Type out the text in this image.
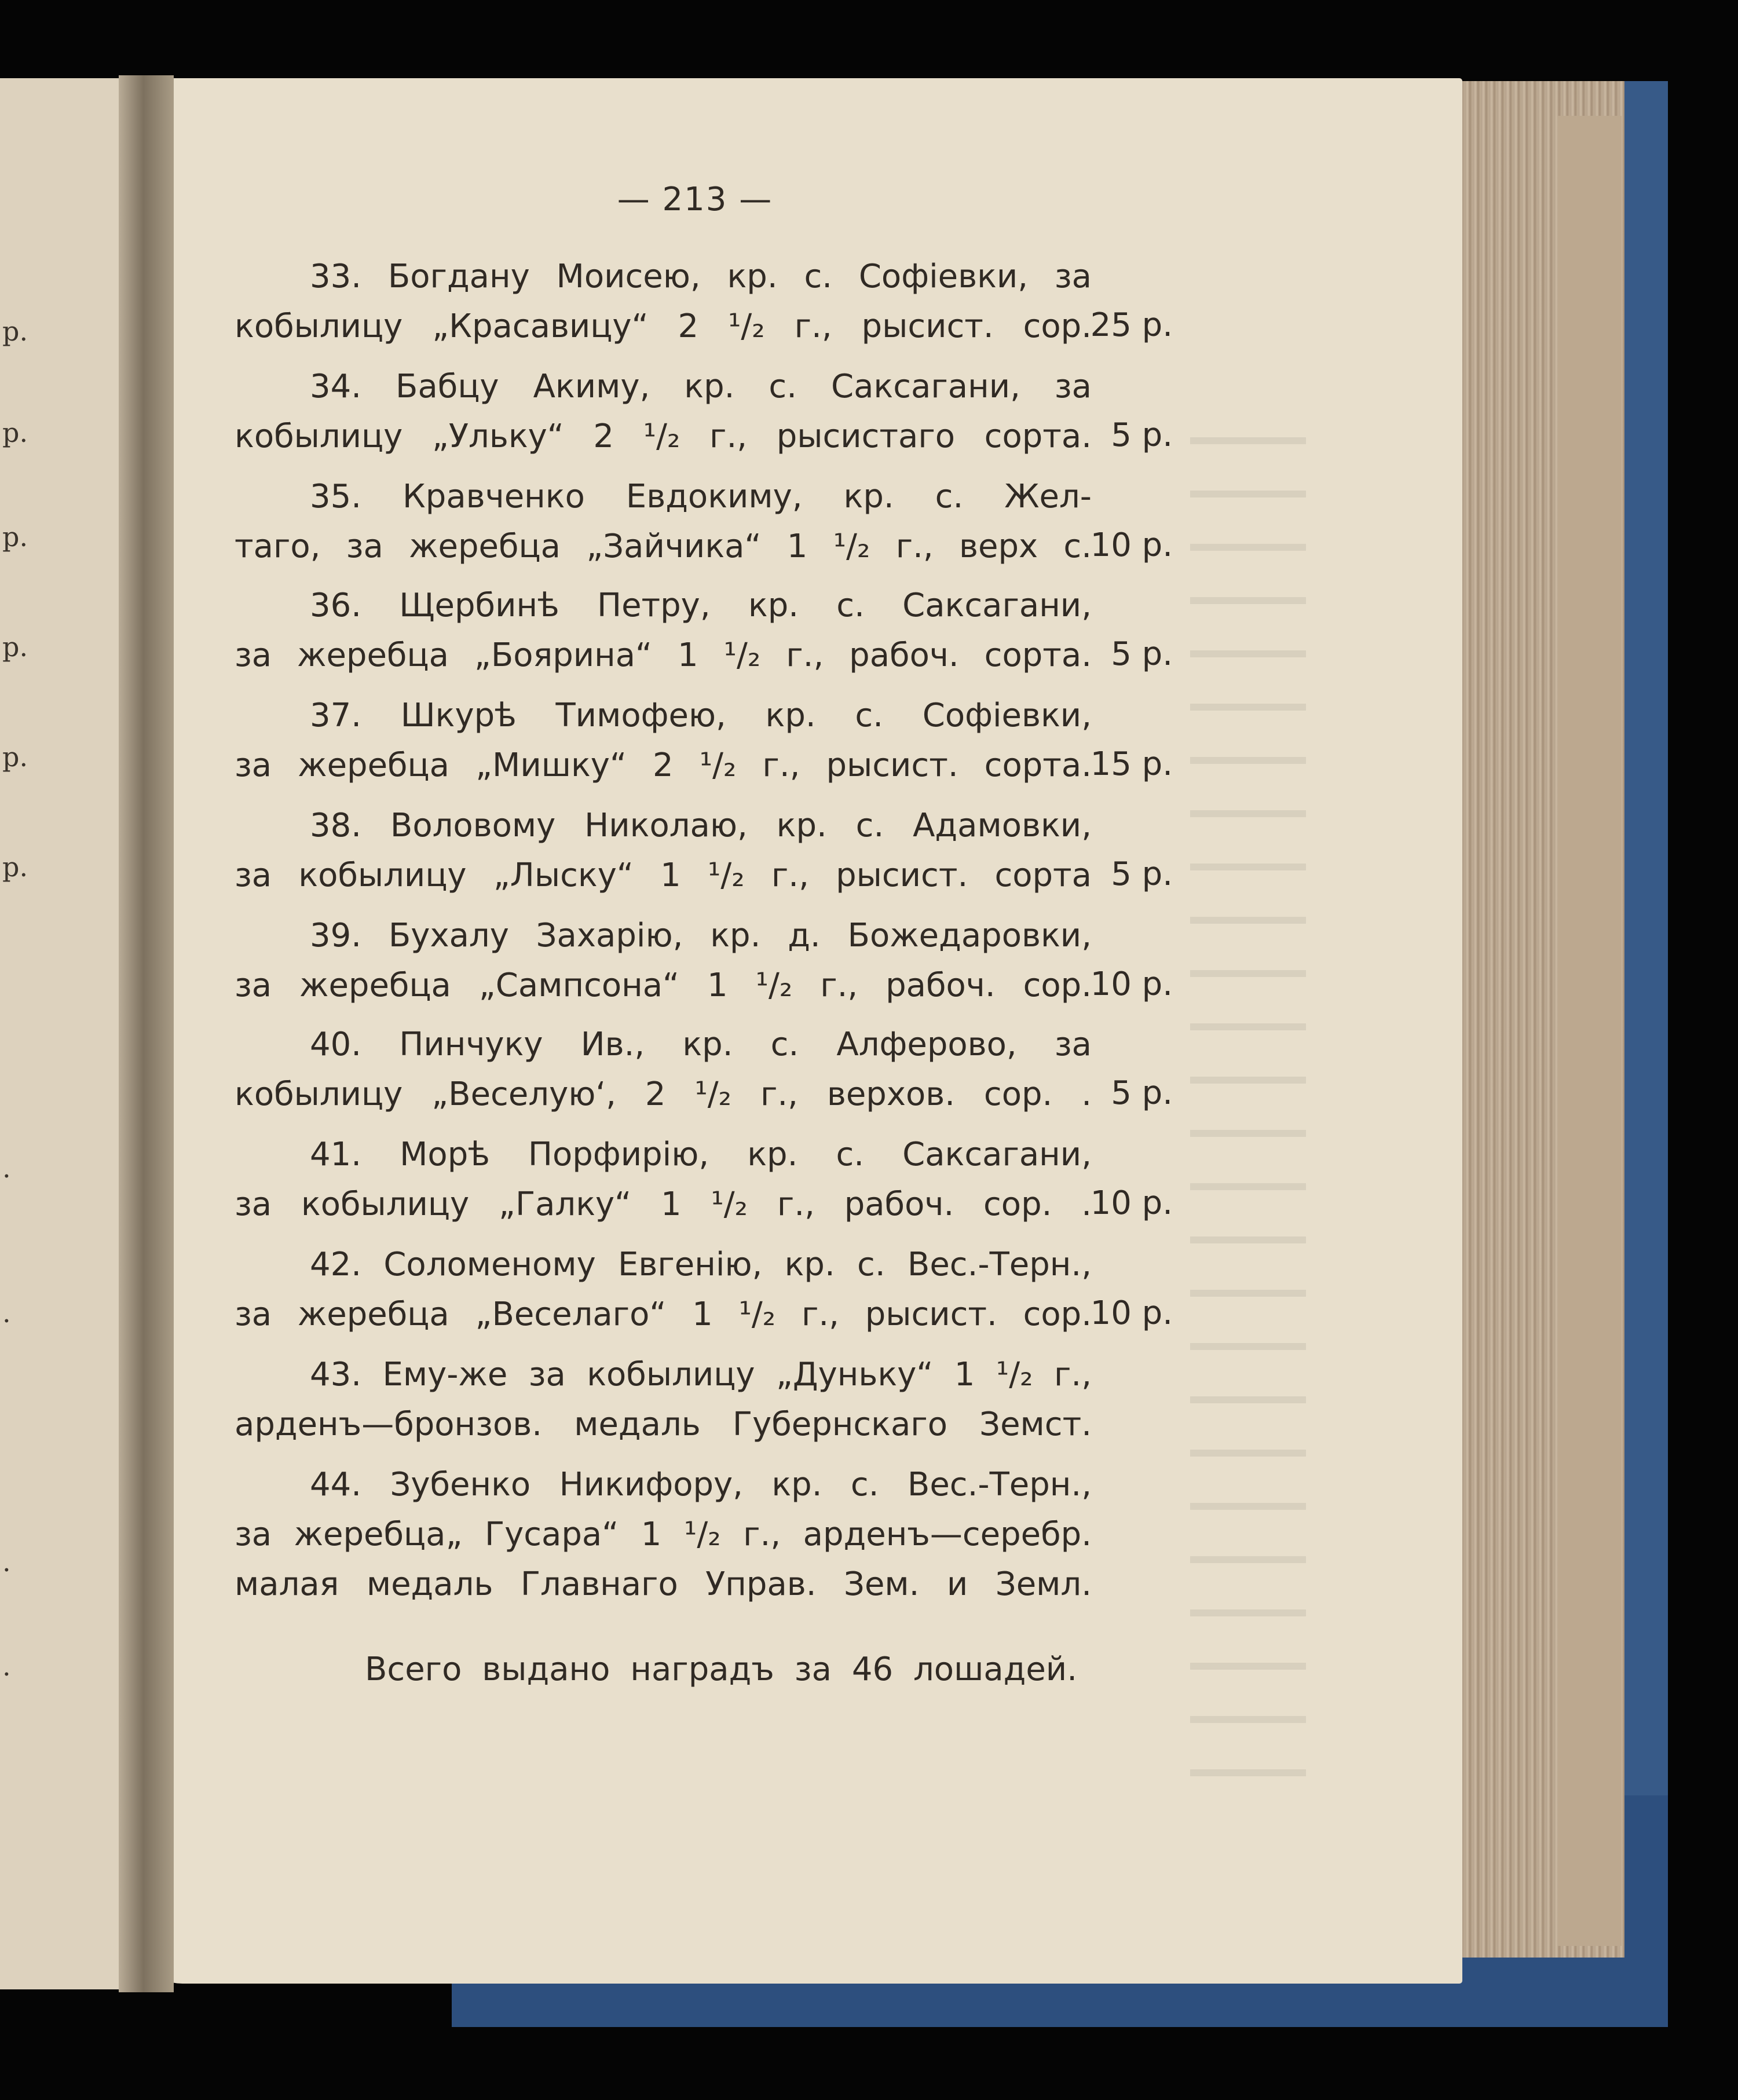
р.
р.
р.
р.
р.
р.
.
.
.
.
— 213 —
33. Богдану Моисею, кр. с. Софiевки, за
кобылицу „Красавицу“ 2 ¹/₂ г., рысист. сор.
25 р.
34. Бабцу Акиму, кр. с. Саксагани, за
кобылицу „Ульку“ 2 ¹/₂ г., рысистаго сорта. 5 р.
35. Кравченко Евдокиму, кр. с. Жел-
таго, за жеребца „Зайчика“ 1 ¹/₂ г., верх с.
10 р.
36. Щербинѣ Петру, кр. с. Саксагани,
за жеребца „Боярина“ 1 ¹/₂ г., рабоч. сорта. 5 р.
37. Шкурѣ Тимофею, кр. с. Софiевки,
за жеребца „Мишку“ 2 ¹/₂ г., рысист. сорта.
15 р.
38. Воловому Николаю, кр. с. Адамовки,
за кобылицу „Лыску“ 1 ¹/₂ г., рысист. сорта 5 р.
39. Бухалу Захарiю, кр. д. Божедаровки,
за жеребца „Сампсона“ 1 ¹/₂ г., рабоч. сор.
10 р.
40. Пинчуку Ив., кр. с. Алферово, за
кобылицу „Веселую‘, 2 ¹/₂ г., верхов. сор. . 5 р.
41. Морѣ Порфирiю, кр. с. Саксагани,
за кобылицу „Галку“ 1 ¹/₂ г., рабоч. сор. .
10 р.
42. Соломеному Евгенiю, кр. с. Вес.-Терн.,
за жеребца „Веселаго“ 1 ¹/₂ г., рысист. сор.
10 р.
43. Ему-же за кобылицу „Дуньку“ 1 ¹/₂ г.,
арденъ—бронзов. медаль Губернскаго Земст.
44. Зубенко Никифору, кр. с. Вес.-Терн.,
за жеребца„ Гусара“ 1 ¹/₂ г., арденъ—серебр.
малая медаль Главнаго Управ. Зем. и Земл.
Всего выдано наградъ за 46 лошадей.
